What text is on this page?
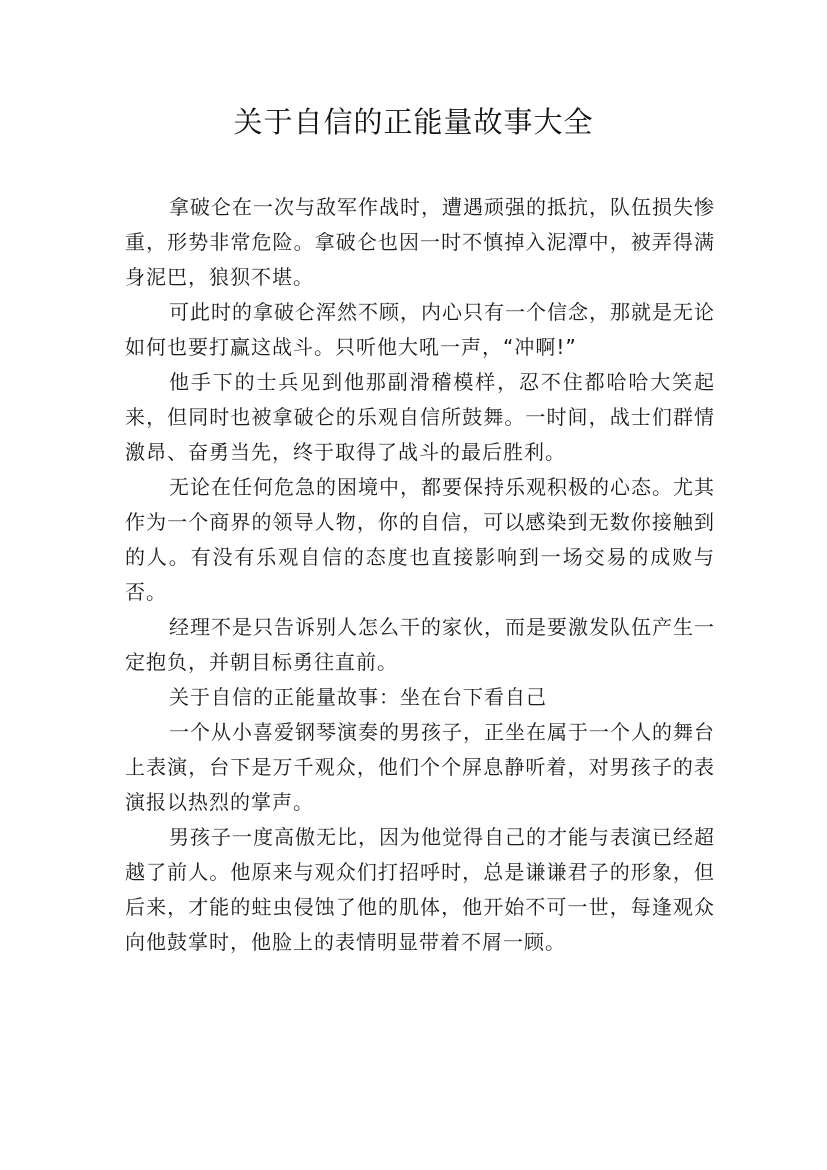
关于自信的正能量故事大全

拿破仑在一次与敌军作战时，遭遇顽强的抵抗，队伍损失惨重，形势非常危险。拿破仑也因一时不慎掉入泥潭中，被弄得满身泥巴，狼狈不堪。

可此时的拿破仑浑然不顾，内心只有一个信念，那就是无论如何也要打赢这战斗。只听他大吼一声，“冲啊!”

他手下的士兵见到他那副滑稽模样，忍不住都哈哈大笑起来，但同时也被拿破仑的乐观自信所鼓舞。一时间，战士们群情激昂、奋勇当先，终于取得了战斗的最后胜利。

无论在任何危急的困境中，都要保持乐观积极的心态。尤其作为一个商界的领导人物，你的自信，可以感染到无数你接触到的人。有没有乐观自信的态度也直接影响到一场交易的成败与否。

经理不是只告诉别人怎么干的家伙，而是要激发队伍产生一定抱负，并朝目标勇往直前。

关于自信的正能量故事：坐在台下看自己

一个从小喜爱钢琴演奏的男孩子，正坐在属于一个人的舞台上表演，台下是万千观众，他们个个屏息静听着，对男孩子的表演报以热烈的掌声。

男孩子一度高傲无比，因为他觉得自己的才能与表演已经超越了前人。他原来与观众们打招呼时，总是谦谦君子的形象，但后来，才能的蛀虫侵蚀了他的肌体，他开始不可一世，每逢观众向他鼓掌时，他脸上的表情明显带着不屑一顾。
